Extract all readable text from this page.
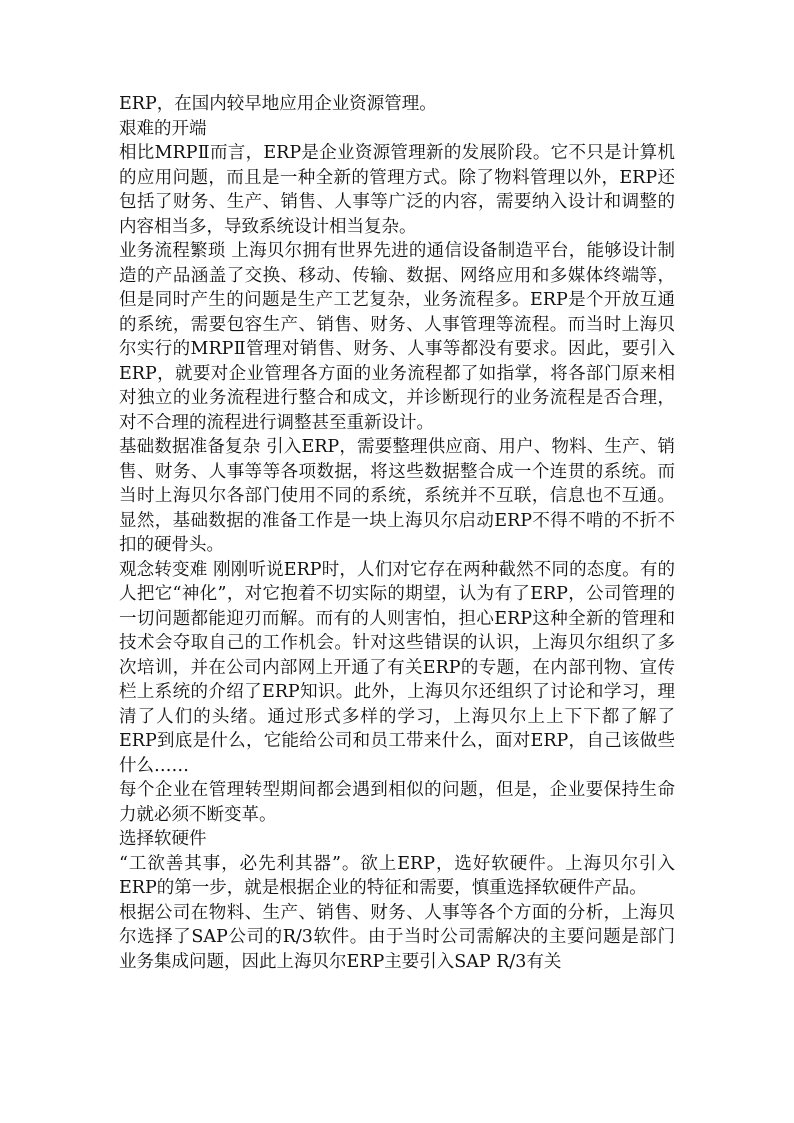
ERP，在国内较早地应用企业资源管理。

艰难的开端

相比MRPⅡ而言，ERP是企业资源管理新的发展阶段。它不只是计算机的应用问题，而且是一种全新的管理方式。除了物料管理以外，ERP还包括了财务、生产、销售、人事等广泛的内容，需要纳入设计和调整的内容相当多，导致系统设计相当复杂。

业务流程繁琐 上海贝尔拥有世界先进的通信设备制造平台，能够设计制造的产品涵盖了交换、移动、传输、数据、网络应用和多媒体终端等，但是同时产生的问题是生产工艺复杂，业务流程多。ERP是个开放互通的系统，需要包容生产、销售、财务、人事管理等流程。而当时上海贝尔实行的MRPⅡ管理对销售、财务、人事等都没有要求。因此，要引入ERP，就要对企业管理各方面的业务流程都了如指掌，将各部门原来相对独立的业务流程进行整合和成文，并诊断现行的业务流程是否合理，对不合理的流程进行调整甚至重新设计。

基础数据准备复杂 引入ERP，需要整理供应商、用户、物料、生产、销售、财务、人事等等各项数据，将这些数据整合成一个连贯的系统。而当时上海贝尔各部门使用不同的系统，系统并不互联，信息也不互通。显然，基础数据的准备工作是一块上海贝尔启动ERP不得不啃的不折不扣的硬骨头。

观念转变难 刚刚听说ERP时，人们对它存在两种截然不同的态度。有的人把它“神化”，对它抱着不切实际的期望，认为有了ERP，公司管理的一切问题都能迎刃而解。而有的人则害怕，担心ERP这种全新的管理和技术会夺取自己的工作机会。针对这些错误的认识，上海贝尔组织了多次培训，并在公司内部网上开通了有关ERP的专题，在内部刊物、宣传栏上系统的介绍了ERP知识。此外，上海贝尔还组织了讨论和学习，理清了人们的头绪。通过形式多样的学习，上海贝尔上上下下都了解了ERP到底是什么，它能给公司和员工带来什么，面对ERP，自己该做些什么……

每个企业在管理转型期间都会遇到相似的问题，但是，企业要保持生命力就必须不断变革。

选择软硬件

“工欲善其事，必先利其器”。欲上ERP，选好软硬件。上海贝尔引入ERP的第一步，就是根据企业的特征和需要，慎重选择软硬件产品。

根据公司在物料、生产、销售、财务、人事等各个方面的分析，上海贝尔选择了SAP公司的R/3软件。由于当时公司需解决的主要问题是部门业务集成问题，因此上海贝尔ERP主要引入SAP R/3有关
